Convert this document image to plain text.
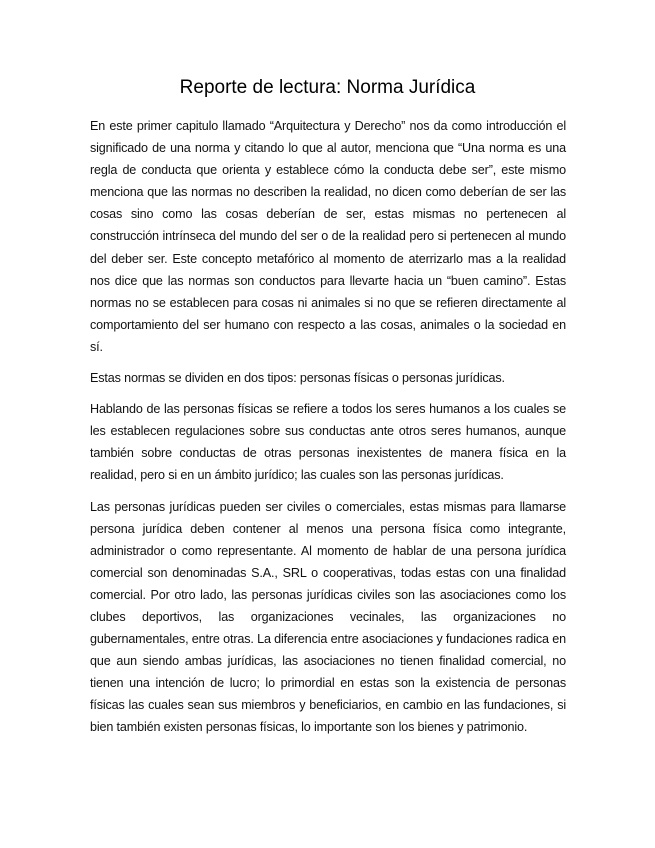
Reporte de lectura: Norma Jurídica

En este primer capitulo llamado “Arquitectura y Derecho” nos da como introducción el significado de una norma y citando lo que al autor, menciona que “Una norma es una regla de conducta que orienta y establece cómo la conducta debe ser”, este mismo menciona que las normas no describen la realidad, no dicen como deberían de ser las cosas sino como las cosas deberían de ser, estas mismas no pertenecen al construcción intrínseca del mundo del ser o de la realidad pero si pertenecen al mundo del deber ser. Este concepto metafórico al momento de aterrizarlo mas a la realidad nos dice que las normas son conductos para llevarte hacia un “buen camino”. Estas normas no se establecen para cosas ni animales si no que se refieren directamente al comportamiento del ser humano con respecto a las cosas, animales o la sociedad en sí.

Estas normas se dividen en dos tipos: personas físicas o personas jurídicas.

Hablando de las personas físicas se refiere a todos los seres humanos a los cuales se les establecen regulaciones sobre sus conductas ante otros seres humanos, aunque también sobre conductas de otras personas inexistentes de manera física en la realidad, pero si en un ámbito jurídico; las cuales son las personas jurídicas.

Las personas jurídicas pueden ser civiles o comerciales, estas mismas para llamarse persona jurídica deben contener al menos una persona física como integrante, administrador o como representante. Al momento de hablar de una persona jurídica comercial son denominadas S.A., SRL o cooperativas, todas estas con una finalidad comercial. Por otro lado, las personas jurídicas civiles son las asociaciones como los clubes deportivos, las organizaciones vecinales, las organizaciones no gubernamentales, entre otras. La diferencia entre asociaciones y fundaciones radica en que aun siendo ambas jurídicas, las asociaciones no tienen finalidad comercial, no tienen una intención de lucro; lo primordial en estas son la existencia de personas físicas las cuales sean sus miembros y beneficiarios, en cambio en las fundaciones, si bien también existen personas físicas, lo importante son los bienes y patrimonio.
